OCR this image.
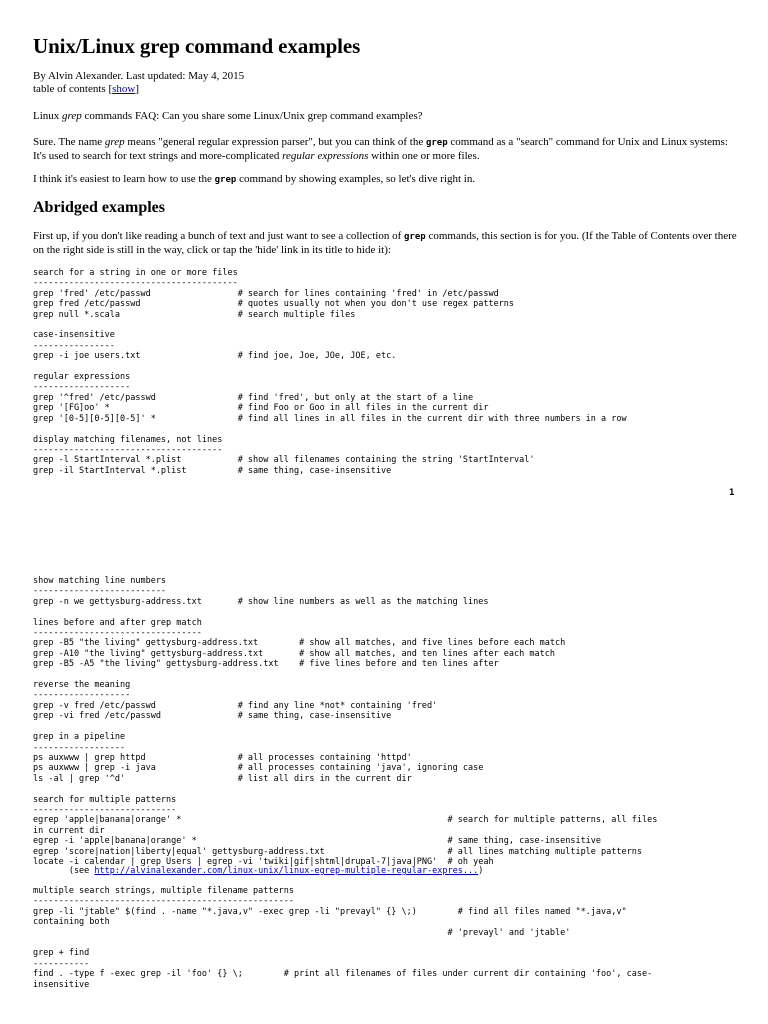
Unix/Linux grep command examples
By Alvin Alexander. Last updated: May 4, 2015
table of contents [show]

Linux grep commands FAQ: Can you share some Linux/Unix grep command examples?

Sure. The name grep means "general regular expression parser", but you can think of the grep command as a "search" command for Unix and Linux systems: It's used to search for text strings and more-complicated regular expressions within one or more files.

I think it's easiest to learn how to use the grep command by showing examples, so let's dive right in.

Abridged examples

First up, if you don't like reading a bunch of text and just want to see a collection of grep commands, this section is for you. (If the Table of Contents over there on the right side is still in the way, click or tap the 'hide' link in its title to hide it):

search for a string in one or more files
----------------------------------------
grep 'fred' /etc/passwd                 # search for lines containing 'fred' in /etc/passwd
grep fred /etc/passwd                   # quotes usually not when you don't use regex patterns
grep null *.scala                       # search multiple files

case-insensitive
----------------
grep -i joe users.txt                   # find joe, Joe, JOe, JOE, etc.

regular expressions
-------------------
grep '^fred' /etc/passwd                # find 'fred', but only at the start of a line
grep '[FG]oo' *                         # find Foo or Goo in all files in the current dir
grep '[0-5][0-5][0-5]' *                # find all lines in all files in the current dir with three numbers in a row

display matching filenames, not lines
-------------------------------------
grep -l StartInterval *.plist           # show all filenames containing the string 'StartInterval'
grep -il StartInterval *.plist          # same thing, case-insensitive
1
show matching line numbers
--------------------------
grep -n we gettysburg-address.txt       # show line numbers as well as the matching lines

lines before and after grep match
---------------------------------
grep -B5 "the living" gettysburg-address.txt        # show all matches, and five lines before each match
grep -A10 "the living" gettysburg-address.txt       # show all matches, and ten lines after each match
grep -B5 -A5 "the living" gettysburg-address.txt    # five lines before and ten lines after

reverse the meaning
-------------------
grep -v fred /etc/passwd                # find any line *not* containing 'fred'
grep -vi fred /etc/passwd               # same thing, case-insensitive

grep in a pipeline
------------------
ps auxwww | grep httpd                  # all processes containing 'httpd'
ps auxwww | grep -i java                # all processes containing 'java', ignoring case
ls -al | grep '^d'                      # list all dirs in the current dir

search for multiple patterns
----------------------------
egrep 'apple|banana|orange' *                                                    # search for multiple patterns, all files
in current dir
egrep -i 'apple|banana|orange' *                                                 # same thing, case-insensitive
egrep 'score|nation|liberty|equal' gettysburg-address.txt                        # all lines matching multiple patterns
locate -i calendar | grep Users | egrep -vi 'twiki|gif|shtml|drupal-7|java|PNG'  # oh yeah
(see http://alvinalexander.com/linux-unix/linux-egrep-multiple-regular-expres...)
multiple search strings, multiple filename patterns
---------------------------------------------------
grep -li "jtable" $(find . -name "*.java,v" -exec grep -li "prevayl" {} \;)        # find all files named "*.java,v"
containing both
# 'prevayl' and 'jtable'

grep + find
-----------
find . -type f -exec grep -il 'foo' {} \;        # print all filenames of files under current dir containing 'foo', case-
insensitive
